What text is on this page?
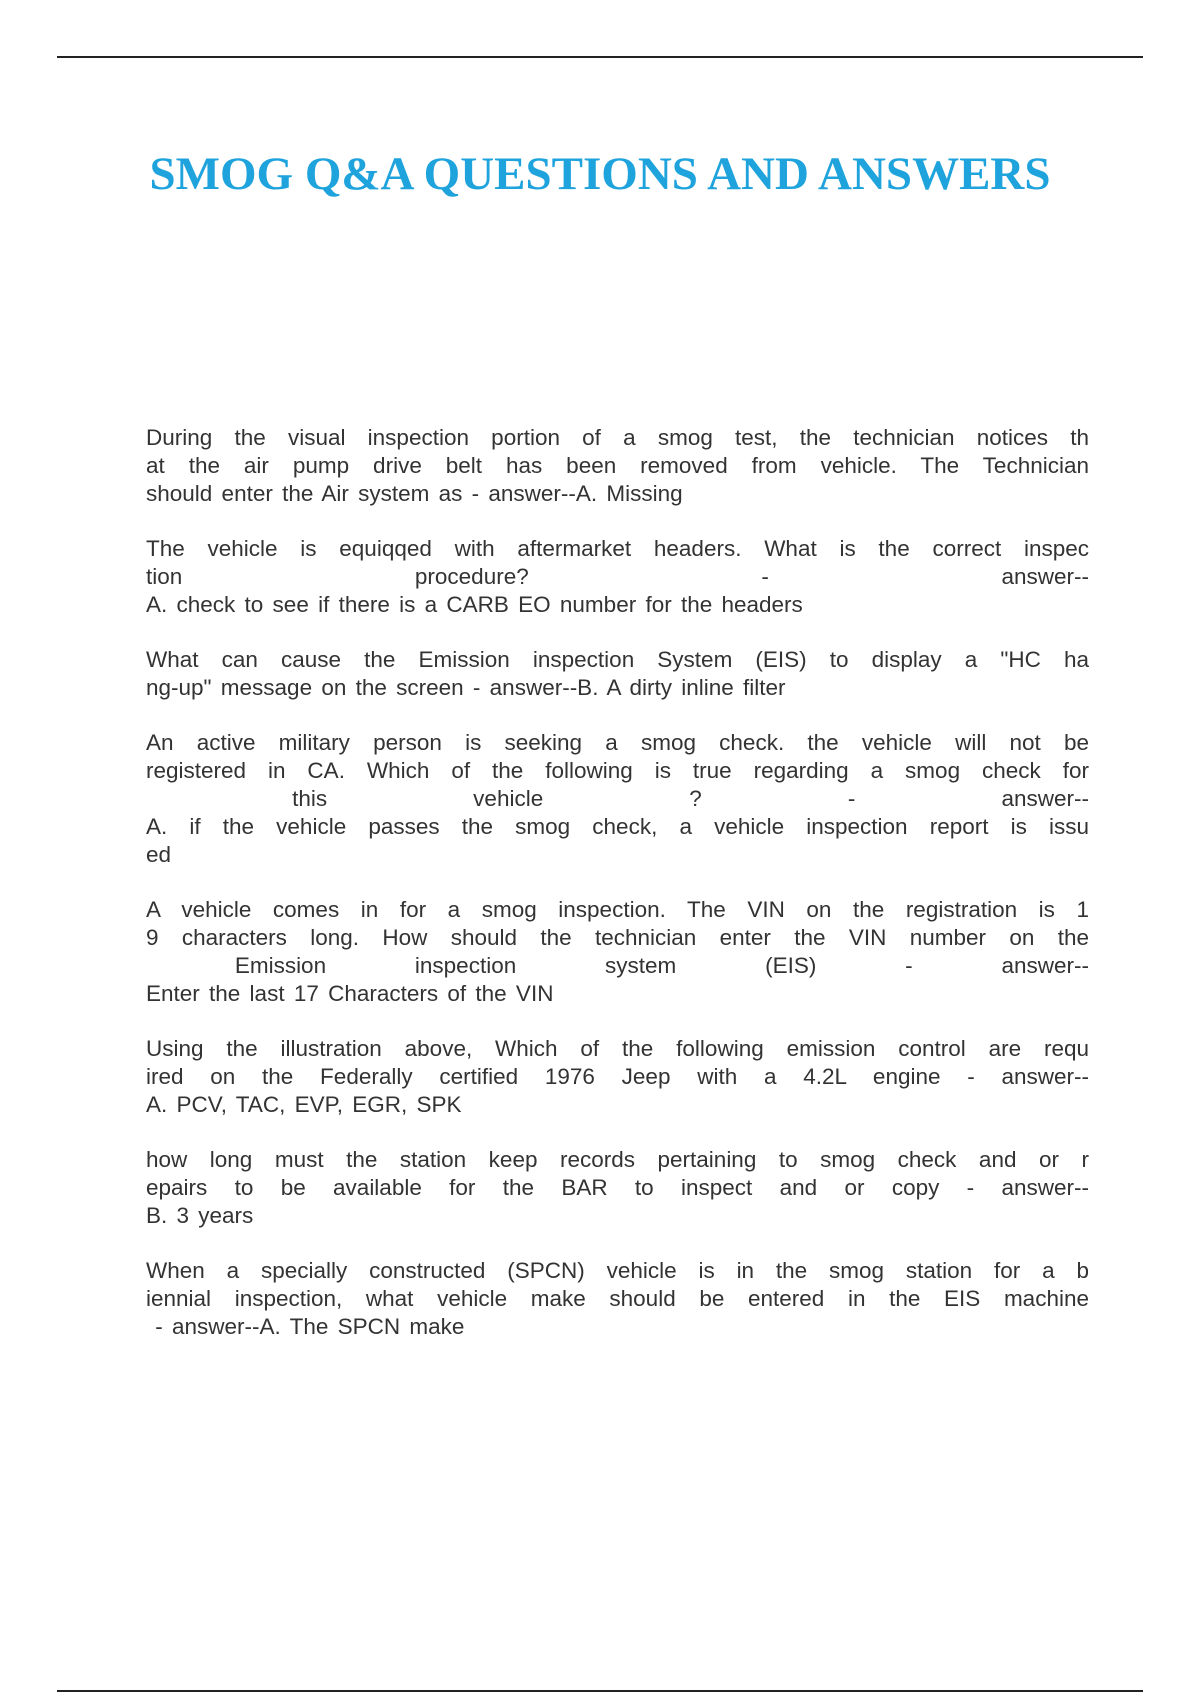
SMOG Q&A QUESTIONS AND ANSWERS
During the visual inspection portion of a smog test, the technician notices th
at the air pump drive belt has been removed from vehicle. The Technician
should enter the Air system as - answer--A. Missing
The vehicle is equiqqed with aftermarket headers. What is the correct inspec
tion procedure? - answer--
A. check to see if there is a CARB EO number for the headers
What can cause the Emission inspection System (EIS) to display a "HC ha
ng-up" message on the screen - answer--B. A dirty inline filter
An active military person is seeking a smog check. the vehicle will not be
registered in CA. Which of the following is true regarding a smog check for
this vehicle ? - answer--
A. if the vehicle passes the smog check, a vehicle inspection report is issu
ed
A vehicle comes in for a smog inspection. The VIN on the registration is 1
9 characters long. How should the technician enter the VIN number on the
Emission inspection system (EIS) - answer--
Enter the last 17 Characters of the VIN
Using the illustration above, Which of the following emission control are requ
ired on the Federally certified 1976 Jeep with a 4.2L engine - answer--
A. PCV, TAC, EVP, EGR, SPK
how long must the station keep records pertaining to smog check and or r
epairs to be available for the BAR to inspect and or copy - answer--
B. 3 years
When a specially constructed (SPCN) vehicle is in the smog station for a b
iennial inspection, what vehicle make should be entered in the EIS machine
- answer--A. The SPCN make
